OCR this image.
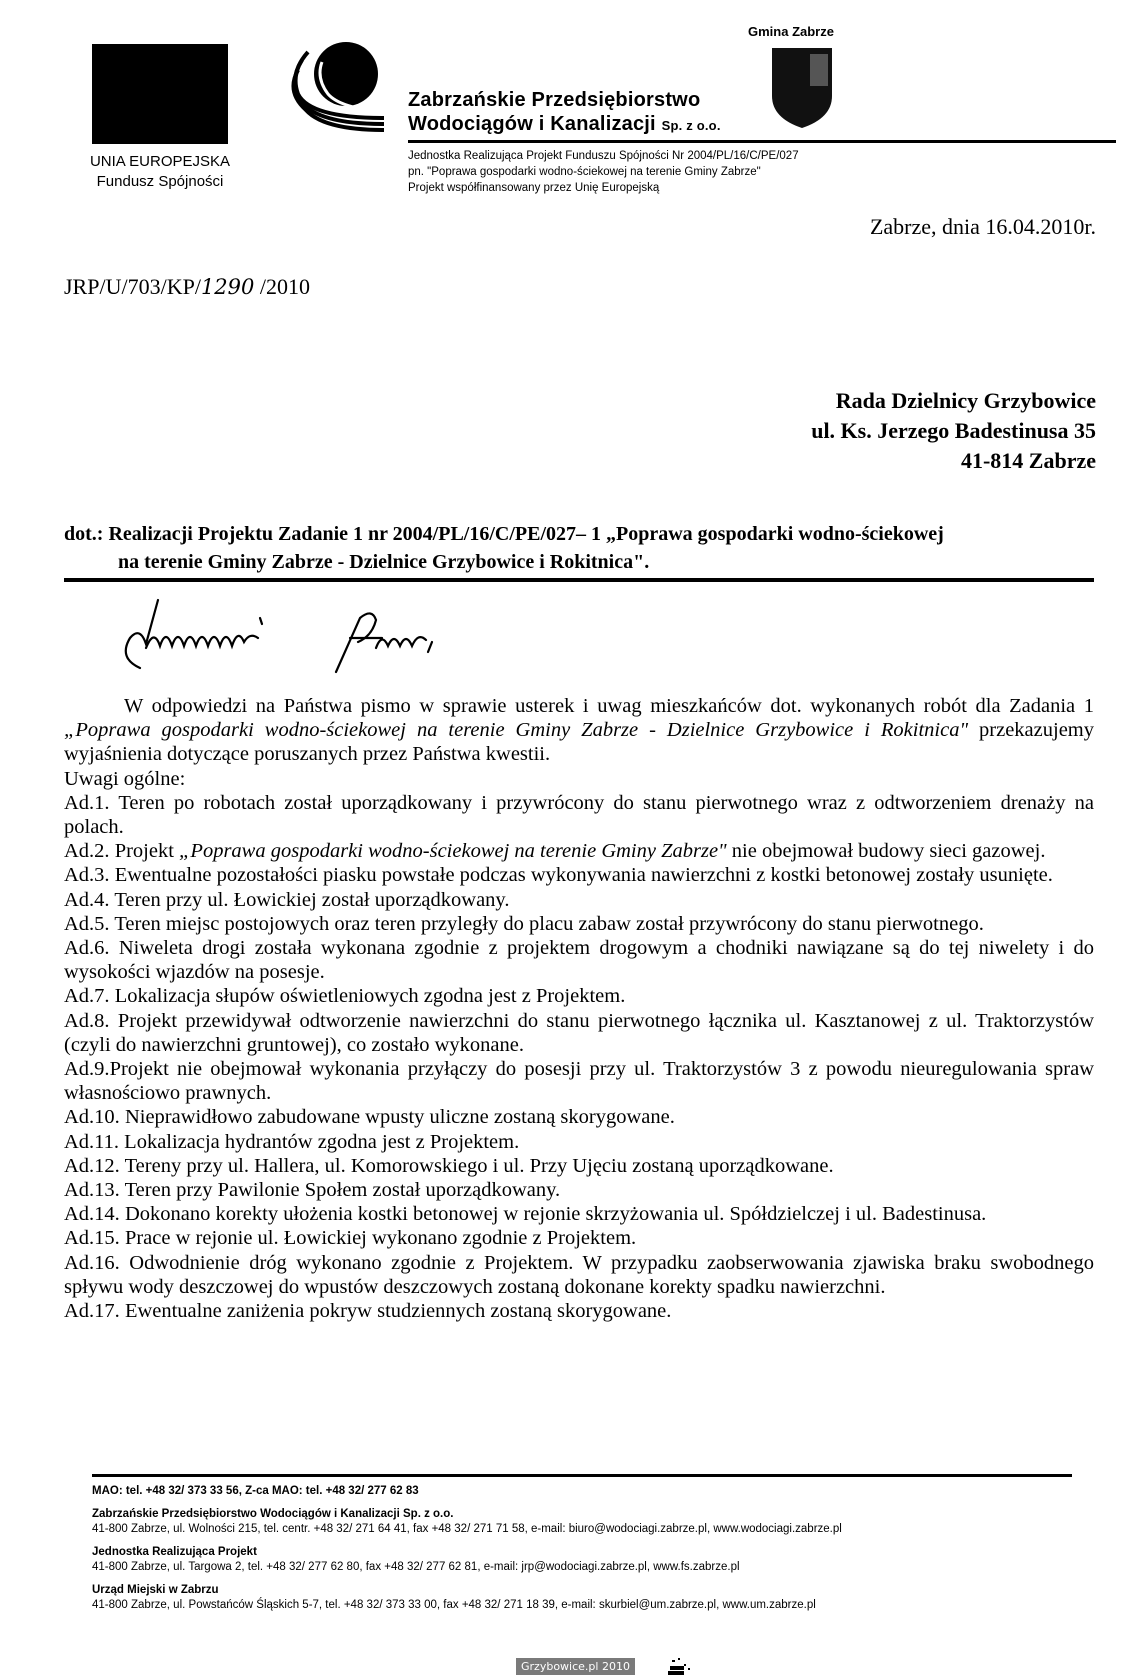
UNIA EUROPEJSKA
Fundusz Spójności
Zabrzańskie Przedsiębiorstwo
Wodociągów i Kanalizacji Sp. z o.o.
Jednostka Realizująca Projekt Funduszu Spójności Nr 2004/PL/16/C/PE/027
pn. "Poprawa gospodarki wodno-ściekowej na terenie Gminy Zabrze"
Projekt współfinansowany przez Unię Europejską
Gmina Zabrze
Zabrze, dnia 16.04.2010r.
JRP/U/703/KP/1290 /2010
Rada Dzielnicy Grzybowice
ul. Ks. Jerzego Badestinusa 35
41-814 Zabrze
dot.: Realizacji Projektu Zadanie 1 nr 2004/PL/16/C/PE/027– 1 „Poprawa gospodarki wodno-ściekowej
na terenie Gminy Zabrze - Dzielnice Grzybowice i Rokitnica".

W odpowiedzi na Państwa pismo w sprawie usterek i uwag mieszkańców dot. wykonanych robót dla Zadania 1 „Poprawa gospodarki wodno-ściekowej na terenie Gminy Zabrze - Dzielnice Grzybowice i Rokitnica" przekazujemy wyjaśnienia dotyczące poruszanych przez Państwa kwestii.

Uwagi ogólne:

Ad.1. Teren po robotach został uporządkowany i przywrócony do stanu pierwotnego wraz z odtworzeniem drenaży na polach.

Ad.2. Projekt „Poprawa gospodarki wodno-ściekowej na terenie Gminy Zabrze" nie obejmował budowy sieci gazowej.

Ad.3. Ewentualne pozostałości piasku powstałe podczas wykonywania nawierzchni z kostki betonowej zostały usunięte.

Ad.4. Teren przy ul. Łowickiej został uporządkowany.

Ad.5. Teren miejsc postojowych oraz teren przyległy do placu zabaw został przywrócony do stanu pierwotnego.

Ad.6. Niweleta drogi została wykonana zgodnie z projektem drogowym a chodniki nawiązane są do tej niwelety i do wysokości wjazdów na posesje.

Ad.7. Lokalizacja słupów oświetleniowych zgodna jest z Projektem.

Ad.8. Projekt przewidywał odtworzenie nawierzchni do stanu pierwotnego łącznika ul. Kasztanowej z ul. Traktorzystów (czyli do nawierzchni gruntowej), co zostało wykonane.

Ad.9.Projekt nie obejmował wykonania przyłączy do posesji przy ul. Traktorzystów 3 z powodu nieuregulowania spraw własnościowo prawnych.

Ad.10. Nieprawidłowo zabudowane wpusty uliczne zostaną skorygowane.

Ad.11. Lokalizacja hydrantów zgodna jest z Projektem.

Ad.12. Tereny przy ul. Hallera, ul. Komorowskiego i ul. Przy Ujęciu zostaną uporządkowane.

Ad.13. Teren przy Pawilonie Społem został uporządkowany.

Ad.14. Dokonano korekty ułożenia kostki betonowej w rejonie skrzyżowania ul. Spółdzielczej i ul. Badestinusa.

Ad.15. Prace w rejonie ul. Łowickiej wykonano zgodnie z Projektem.

Ad.16. Odwodnienie dróg wykonano zgodnie z Projektem. W przypadku zaobserwowania zjawiska braku swobodnego spływu wody deszczowej do wpustów deszczowych zostaną dokonane korekty spadku nawierzchni.

Ad.17. Ewentualne zaniżenia pokryw studziennych zostaną skorygowane.

MAO: tel. +48 32/ 373 33 56, Z-ca MAO: tel. +48 32/ 277 62 83
Zabrzańskie Przedsiębiorstwo Wodociągów i Kanalizacji Sp. z o.o.
41-800 Zabrze, ul. Wolności 215, tel. centr. +48 32/ 271 64 41, fax +48 32/ 271 71 58, e-mail: biuro@wodociagi.zabrze.pl, www.wodociagi.zabrze.pl
Jednostka Realizująca Projekt
41-800 Zabrze, ul. Targowa 2, tel. +48 32/ 277 62 80, fax +48 32/ 277 62 81, e-mail: jrp@wodociagi.zabrze.pl, www.fs.zabrze.pl
Urząd Miejski w Zabrzu
41-800 Zabrze, ul. Powstańców Śląskich 5-7, tel. +48 32/ 373 33 00, fax +48 32/ 271 18 39, e-mail: skurbiel@um.zabrze.pl, www.um.zabrze.pl
Grzybowice.pl 2010
